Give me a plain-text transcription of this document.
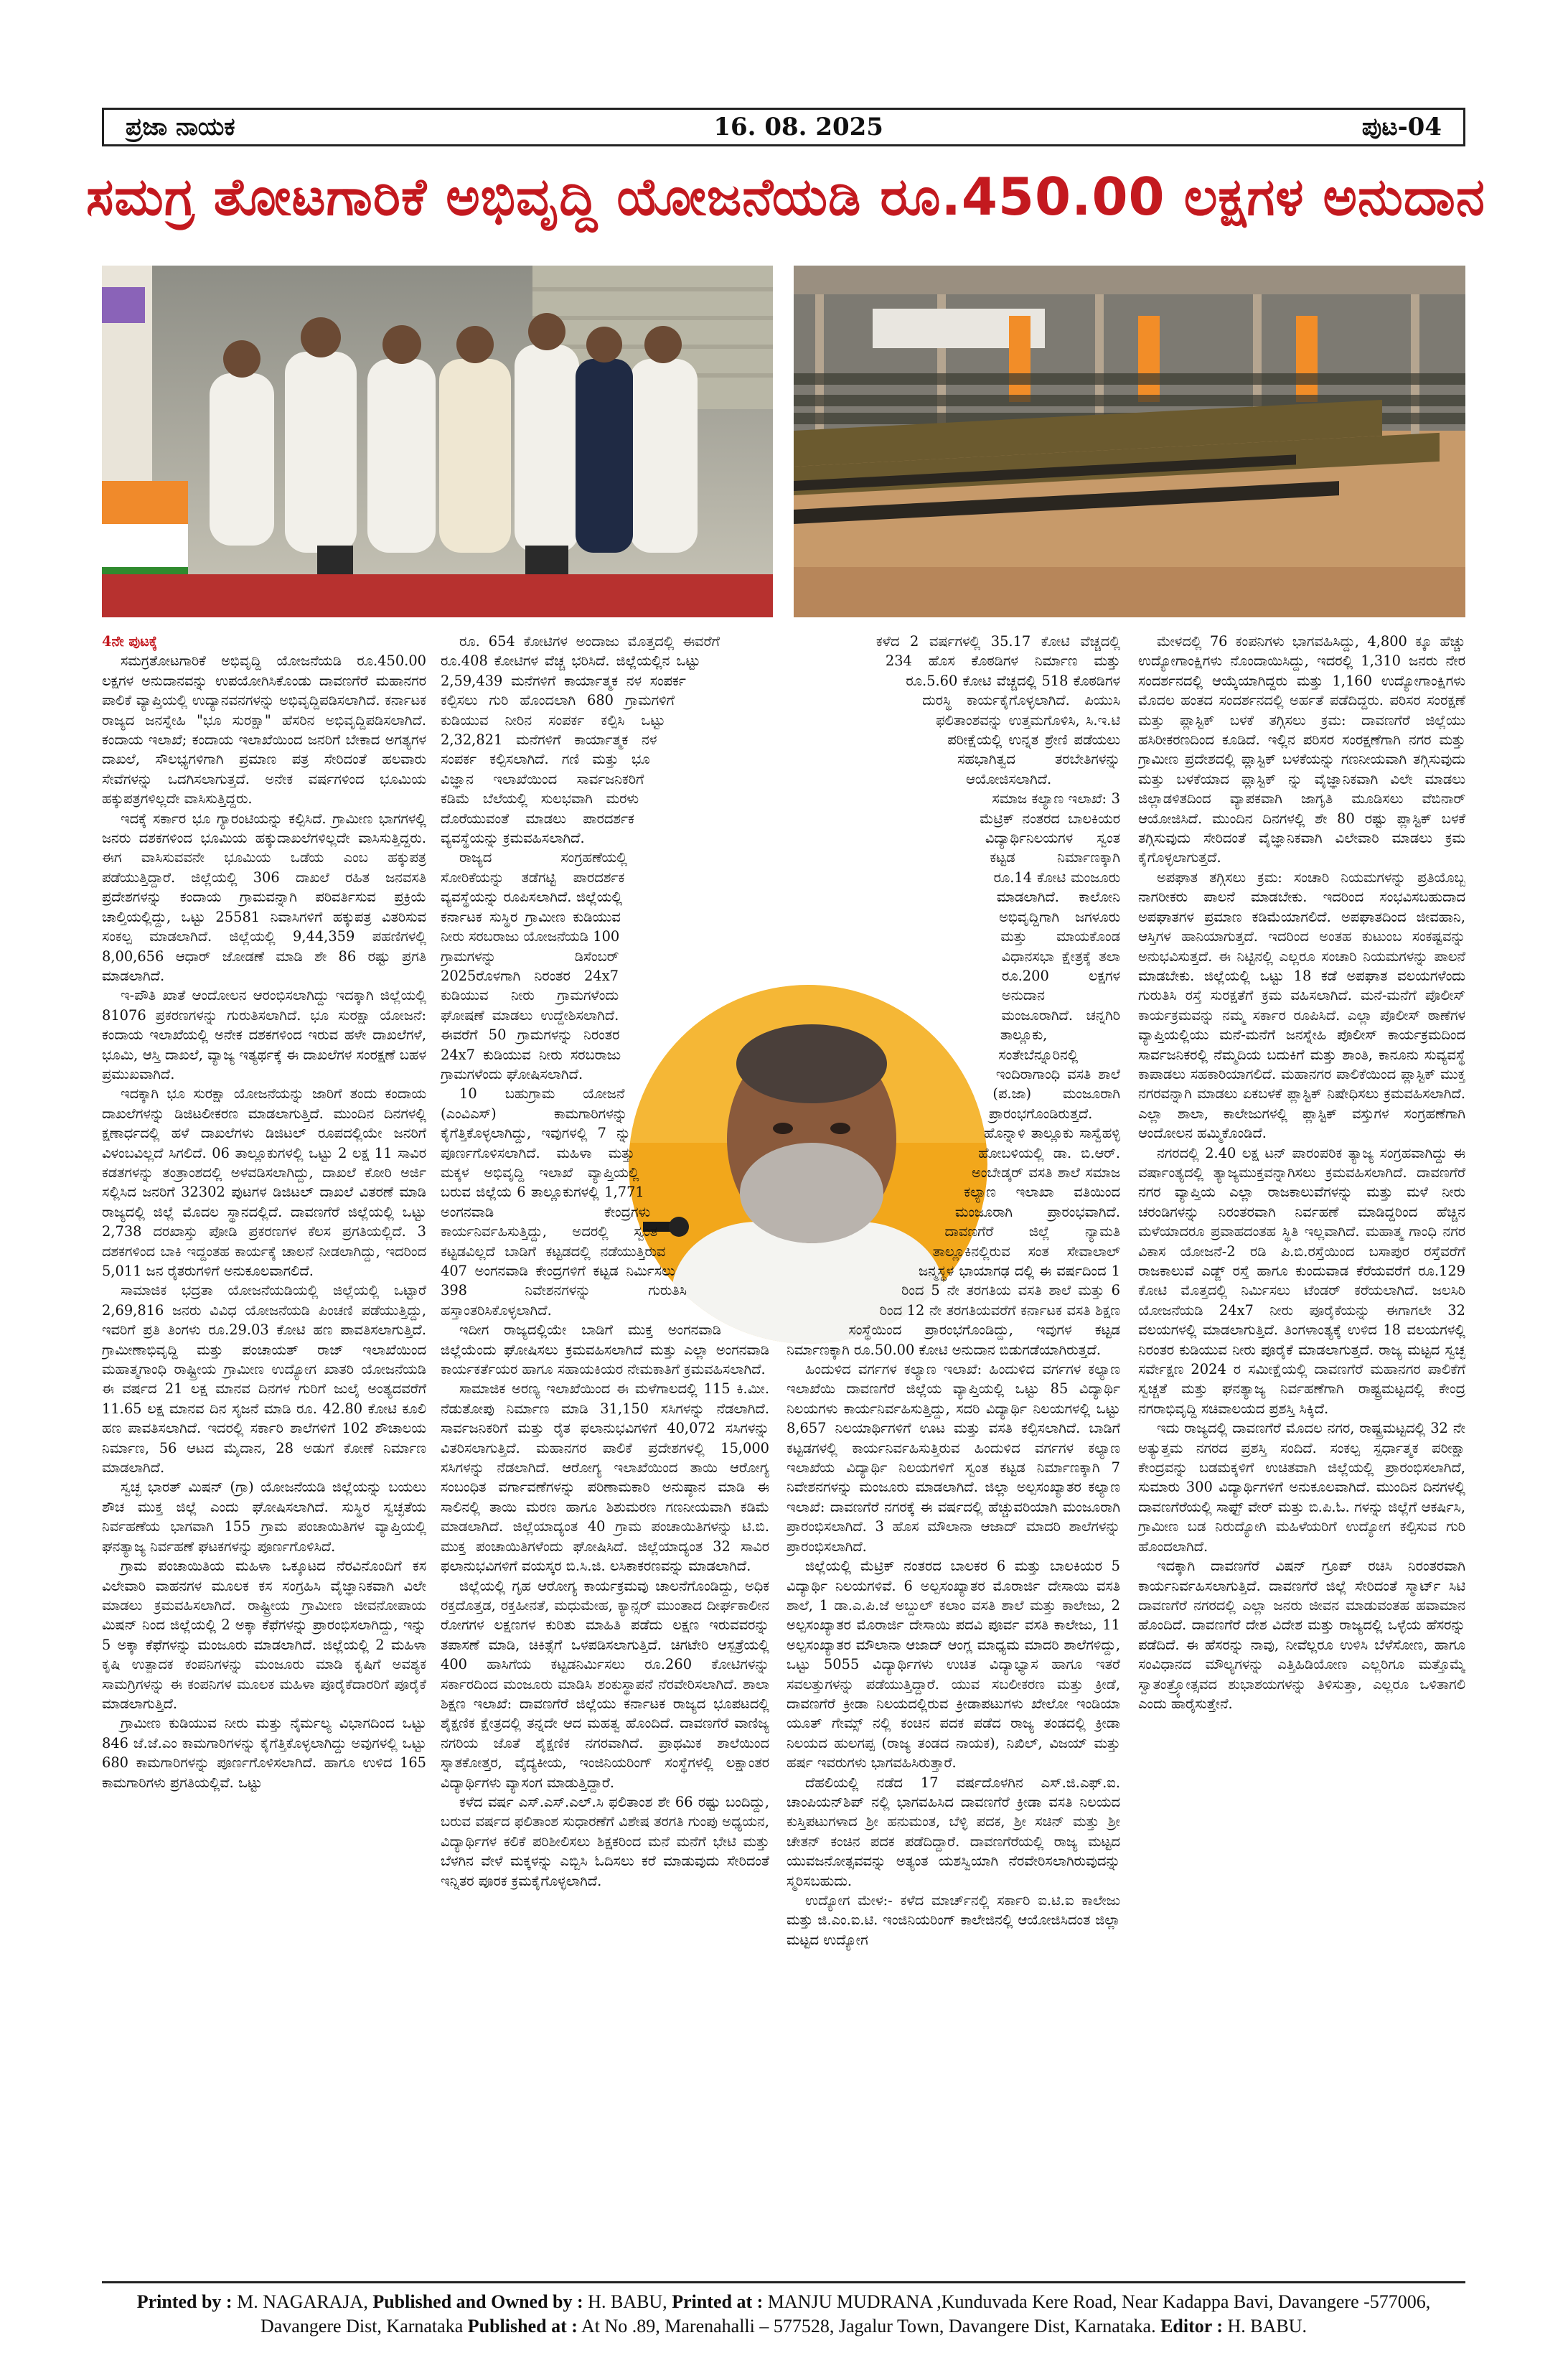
ಪ್ರಜಾ ನಾಯಕ	16. 08. 2025	ಪುಟ-04
ಸಮಗ್ರ ತೋಟಗಾರಿಕೆ ಅಭಿವೃದ್ದಿ ಯೋಜನೆಯಡಿ ರೂ.450.00 ಲಕ್ಷಗಳ ಅನುದಾನ

4ನೇ ಪುಟಕ್ಕೆ

ಸಮಗ್ರತೋಟಗಾರಿಕೆ ಅಭಿವೃದ್ದಿ ಯೋಜನೆಯಡಿ ರೂ.450.00 ಲಕ್ಷಗಳ ಅನುದಾನವನ್ನು ಉಪಯೋಗಿಸಿಕೊಂಡು ದಾವಣಗೆರೆ ಮಹಾನಗರ ಪಾಲಿಕೆ ವ್ಯಾಪ್ತಿಯಲ್ಲಿ ಉದ್ಯಾನವನಗಳನ್ನು ಅಭಿವೃದ್ದಿಪಡಿಸಲಾಗಿದೆ. ಕರ್ನಾಟಕ ರಾಜ್ಯದ ಜನಸ್ನೇಹಿ "ಭೂ ಸುರಕ್ಷಾ" ಹೆಸರಿನ ಅಭಿವೃದ್ದಿಪಡಿಸಲಾಗಿದೆ. ಕಂದಾಯ ಇಲಾಖೆ; ಕಂದಾಯ ಇಲಾಖೆಯಿಂದ ಜನರಿಗೆ ಬೇಕಾದ ಅಗತ್ಯಗಳ ದಾಖಲೆ, ಸೌಲಭ್ಯಗಳಿಗಾಗಿ ಪ್ರಮಾಣ ಪತ್ರ ಸೇರಿದಂತೆ ಹಲವಾರು ಸೇವೆಗಳನ್ನು ಒದಗಿಸಲಾಗುತ್ತದೆ. ಅನೇಕ ವರ್ಷಗಳಿಂದ ಭೂಮಿಯ ಹಕ್ಕುಪತ್ರಗಳಿಲ್ಲದೇ ವಾಸಿಸುತ್ತಿದ್ದರು.

ಇದಕ್ಕೆ ಸರ್ಕಾರ ಭೂ ಗ್ಯಾರಂಟಿಯನ್ನು ಕಲ್ಪಿಸಿದೆ. ಗ್ರಾಮೀಣ ಭಾಗಗಳಲ್ಲಿ ಜನರು ದಶಕಗಳಿಂದ ಭೂಮಿಯ ಹಕ್ಕುದಾಖಲೆಗಳಿಲ್ಲದೇ ವಾಸಿಸುತ್ತಿದ್ದರು. ಈಗ ವಾಸಿಸುವವನೇ ಭೂಮಿಯ ಒಡೆಯ ಎಂಬ ಹಕ್ಕುಪತ್ರ ಪಡೆಯುತ್ತಿದ್ದಾರೆ. ಜಿಲ್ಲೆಯಲ್ಲಿ 306 ದಾಖಲೆ ರಹಿತ ಜನವಸತಿ ಪ್ರದೇಶಗಳನ್ನು ಕಂದಾಯ ಗ್ರಾಮವನ್ನಾಗಿ ಪರಿವರ್ತಿಸುವ ಪ್ರಕ್ರಿಯೆ ಚಾಲ್ತಿಯಲ್ಲಿದ್ದು, ಒಟ್ಟು 25581 ನಿವಾಸಿಗಳಿಗೆ ಹಕ್ಕುಪತ್ರ ವಿತರಿಸುವ ಸಂಕಲ್ಪ ಮಾಡಲಾಗಿದೆ. ಜಿಲ್ಲೆಯಲ್ಲಿ 9,44,359 ಪಹಣಿಗಳಲ್ಲಿ 8,00,656 ಆಧಾರ್ ಜೋಡಣೆ ಮಾಡಿ ಶೇ 86 ರಷ್ಟು ಪ್ರಗತಿ ಮಾಡಲಾಗಿದೆ.

ಇ-ಪೌತಿ ಖಾತೆ ಆಂದೋಲನ ಆರಂಭಿಸಲಾಗಿದ್ದು ಇದಕ್ಕಾಗಿ ಜಿಲ್ಲೆಯಲ್ಲಿ 81076 ಪ್ರಕರಣಗಳನ್ನು ಗುರುತಿಸಲಾಗಿದೆ. ಭೂ ಸುರಕ್ಷಾ ಯೋಜನೆ: ಕಂದಾಯ ಇಲಾಖೆಯಲ್ಲಿ ಅನೇಕ ದಶಕಗಳಿಂದ ಇರುವ ಹಳೇ ದಾಖಲೆಗಳೆ, ಭೂಮಿ, ಆಸ್ತಿ ದಾಖಲೆ, ವ್ಯಾಜ್ಯ ಇತ್ಯರ್ಥಕ್ಕೆ ಈ ದಾಖಲೆಗಳ ಸಂರಕ್ಷಣೆ ಬಹಳ ಪ್ರಮುಖವಾಗಿದೆ.

ಇದಕ್ಕಾಗಿ ಭೂ ಸುರಕ್ಷಾ ಯೋಜನೆಯನ್ನು ಜಾರಿಗೆ ತಂದು ಕಂದಾಯ ದಾಖಲೆಗಳನ್ನು ಡಿಜಿಟಲೀಕರಣ ಮಾಡಲಾಗುತ್ತಿದೆ. ಮುಂದಿನ ದಿನಗಳಲ್ಲಿ ಕ್ಷಣಾರ್ಧದಲ್ಲಿ ಹಳೆ ದಾಖಲೆಗಳು ಡಿಜಿಟಲ್ ರೂಪದಲ್ಲಿಯೇ ಜನರಿಗೆ ವಿಳಂಬವಿಲ್ಲದೆ ಸಿಗಲಿದೆ. 06 ತಾಲ್ಲೂಕುಗಳಲ್ಲಿ ಒಟ್ಟು 2 ಲಕ್ಷ 11 ಸಾವಿರ ಕಡತಗಳನ್ನು ತಂತ್ರಾಂಶದಲ್ಲಿ ಅಳವಡಿಸಲಾಗಿದ್ದು, ದಾಖಲೆ ಕೋರಿ ಅರ್ಜಿ ಸಲ್ಲಿಸಿದ ಜನರಿಗೆ 32302 ಪುಟಗಳ ಡಿಜಿಟಲ್ ದಾಖಲೆ ವಿತರಣೆ ಮಾಡಿ ರಾಜ್ಯದಲ್ಲಿ ಜಿಲ್ಲೆ ಮೊದಲ ಸ್ಥಾನದಲ್ಲಿದೆ. ದಾವಣಗೆರೆ ಜಿಲ್ಲೆಯಲ್ಲಿ ಒಟ್ಟು 2,738 ದರಖಾಸ್ತು ಪೋಡಿ ಪ್ರಕರಣಗಳ ಕೆಲಸ ಪ್ರಗತಿಯಲ್ಲಿದೆ. 3 ದಶಕಗಳಿಂದ ಬಾಕಿ ಇದ್ದಂತಹ ಕಾರ್ಯಕ್ಕೆ ಚಾಲನೆ ನೀಡಲಾಗಿದ್ದು, ಇದರಿಂದ 5,011 ಜನ ರೈತರುಗಳಿಗೆ ಅನುಕೂಲವಾಗಲಿದೆ.

ಸಾಮಾಜಿಕ ಭದ್ರತಾ ಯೋಜನೆಯಡಿಯಲ್ಲಿ ಜಿಲ್ಲೆಯಲ್ಲಿ ಒಟ್ಟಾರೆ 2,69,816 ಜನರು ವಿವಿಧ ಯೋಜನೆಯಡಿ ಪಿಂಚಣಿ ಪಡೆಯುತ್ತಿದ್ದು, ಇವರಿಗೆ ಪ್ರತಿ ತಿಂಗಳು ರೂ.29.03 ಕೋಟಿ ಹಣ ಪಾವತಿಸಲಾಗುತ್ತಿದೆ. ಗ್ರಾಮೀಣಾಭಿವೃದ್ದಿ ಮತ್ತು ಪಂಚಾಯತ್ ರಾಜ್ ಇಲಾಖೆಯಿಂದ ಮಹಾತ್ಮಗಾಂಧಿ ರಾಷ್ಟ್ರೀಯ ಗ್ರಾಮೀಣ ಉದ್ಯೋಗ ಖಾತರಿ ಯೋಜನೆಯಡಿ ಈ ವರ್ಷದ 21 ಲಕ್ಷ ಮಾನವ ದಿನಗಳ ಗುರಿಗೆ ಜುಲೈ ಅಂತ್ಯದವರೆಗೆ 11.65 ಲಕ್ಷ ಮಾನವ ದಿನ ಸೃಜನೆ ಮಾಡಿ ರೂ. 42.80 ಕೋಟಿ ಕೂಲಿ ಹಣ ಪಾವತಿಸಲಾಗಿದೆ. ಇದರಲ್ಲಿ ಸರ್ಕಾರಿ ಶಾಲೆಗಳಿಗೆ 102 ಶೌಚಾಲಯ ನಿರ್ಮಾಣ, 56 ಆಟದ ಮೈದಾನ, 28 ಅಡುಗೆ ಕೋಣೆ ನಿರ್ಮಾಣ ಮಾಡಲಾಗಿದೆ.

ಸ್ವಚ್ಛ ಭಾರತ್ ಮಿಷನ್ (ಗ್ರಾ) ಯೋಜನೆಯಡಿ ಜಿಲ್ಲೆಯನ್ನು ಬಯಲು ಶೌಚ ಮುಕ್ತ ಜಿಲ್ಲೆ ಎಂದು ಘೋಷಿಸಲಾಗಿದೆ. ಸುಸ್ಥಿರ ಸ್ವಚ್ಛತೆಯ ನಿರ್ವಹಣೆಯ ಭಾಗವಾಗಿ 155 ಗ್ರಾಮ ಪಂಚಾಯಿತಿಗಳ ವ್ಯಾಪ್ತಿಯಲ್ಲಿ ಘನತ್ಯಾಜ್ಯ ನಿರ್ವಹಣೆ ಘಟಕಗಳನ್ನು ಪೂರ್ಣಗೊಳಿಸಿದೆ.

ಗ್ರಾಮ ಪಂಚಾಯಿತಿಯ ಮಹಿಳಾ ಒಕ್ಕೂಟದ ನೆರವಿನೊಂದಿಗೆ ಕಸ ವಿಲೇವಾರಿ ವಾಹನಗಳ ಮೂಲಕ ಕಸ ಸಂಗ್ರಹಿಸಿ ವೈಜ್ಞಾನಿಕವಾಗಿ ವಿಲೇ ಮಾಡಲು ಕ್ರಮವಹಿಸಲಾಗಿದೆ. ರಾಷ್ಟ್ರೀಯ ಗ್ರಾಮೀಣ ಜೀವನೋಪಾಯ ಮಿಷನ್ ನಿಂದ ಜಿಲ್ಲೆಯಲ್ಲಿ 2 ಅಕ್ಕಾ ಕೆಫೆಗಳನ್ನು ಪ್ರಾರಂಭಿಸಲಾಗಿದ್ದು, ಇನ್ನು 5 ಅಕ್ಕಾ ಕೆಫೆಗಳನ್ನು ಮಂಜೂರು ಮಾಡಲಾಗಿದೆ. ಜಿಲ್ಲೆಯಲ್ಲಿ 2 ಮಹಿಳಾ ಕೃಷಿ ಉತ್ಪಾದಕ ಕಂಪನಿಗಳನ್ನು ಮಂಜೂರು ಮಾಡಿ ಕೃಷಿಗೆ ಅವಶ್ಯಕ ಸಾಮಗ್ರಿಗಳನ್ನು ಈ ಕಂಪನಿಗಳ ಮೂಲಕ ಮಹಿಳಾ ಪೂರೈಕೆದಾರರಿಗೆ ಪೂರೈಕೆ ಮಾಡಲಾಗುತ್ತಿದೆ.

ಗ್ರಾಮೀಣ ಕುಡಿಯುವ ನೀರು ಮತ್ತು ನೈರ್ಮಲ್ಯ ವಿಭಾಗದಿಂದ ಒಟ್ಟು 846 ಜೆ.ಜೆ.ಎಂ ಕಾಮಗಾರಿಗಳನ್ನು ಕೈಗೆತ್ತಿಕೊಳ್ಳಲಾಗಿದ್ದು ಅವುಗಳಲ್ಲಿ ಒಟ್ಟು 680 ಕಾಮಗಾರಿಗಳನ್ನು ಪೂರ್ಣಗೊಳಿಸಲಾಗಿದೆ. ಹಾಗೂ ಉಳಿದ 165 ಕಾಮಗಾರಿಗಳು ಪ್ರಗತಿಯಲ್ಲಿವೆ. ಒಟ್ಟು

ರೂ. 654 ಕೋಟಿಗಳ ಅಂದಾಜು ಮೊತ್ತದಲ್ಲಿ ಈವರೆಗೆ ರೂ.408 ಕೋಟಿಗಳ ವೆಚ್ಚ ಭರಿಸಿದೆ. ಜಿಲ್ಲೆಯಲ್ಲಿನ ಒಟ್ಟು 2,59,439 ಮನೆಗಳಿಗೆ ಕಾರ್ಯಾತ್ಮಕ ನಳ ಸಂಪರ್ಕ ಕಲ್ಪಿಸಲು ಗುರಿ ಹೊಂದಲಾಗಿ 680 ಗ್ರಾಮಗಳಿಗೆ ಕುಡಿಯುವ ನೀರಿನ ಸಂಪರ್ಕ ಕಲ್ಪಿಸಿ ಒಟ್ಟು 2,32,821 ಮನೆಗಳಿಗೆ ಕಾರ್ಯಾತ್ಮಕ ನಳ ಸಂಪರ್ಕ ಕಲ್ಪಿಸಲಾಗಿದೆ. ಗಣಿ ಮತ್ತು ಭೂ ವಿಜ್ಞಾನ ಇಲಾಖೆಯಿಂದ ಸಾರ್ವಜನಿಕರಿಗೆ ಕಡಿಮೆ ಬೆಲೆಯಲ್ಲಿ ಸುಲಭವಾಗಿ ಮರಳು ದೊರೆಯುವಂತೆ ಮಾಡಲು ಪಾರದರ್ಶಕ ವ್ಯವಸ್ಥೆಯನ್ನು ಕ್ರಮವಹಿಸಲಾಗಿದೆ.

ರಾಜ್ಯದ ಸಂಗ್ರಹಣೆಯಲ್ಲಿ ಸೋರಿಕೆಯನ್ನು ತಡೆಗಟ್ಟಿ ಪಾರದರ್ಶಕ ವ್ಯವಸ್ಥೆಯನ್ನು ರೂಪಿಸಲಾಗಿದೆ. ಜಿಲ್ಲೆಯಲ್ಲಿ ಕರ್ನಾಟಕ ಸುಸ್ಥಿರ ಗ್ರಾಮೀಣ ಕುಡಿಯುವ ನೀರು ಸರಬರಾಜು ಯೋಜನೆಯಡಿ 100 ಗ್ರಾಮಗಳನ್ನು ಡಿಸೆಂಬರ್ 2025ರೊಳಗಾಗಿ ನಿರಂತರ 24x7 ಕುಡಿಯುವ ನೀರು ಗ್ರಾಮಗಳೆಂದು ಘೋಷಣೆ ಮಾಡಲು ಉದ್ದೇಶಿಸಲಾಗಿದೆ. ಈವರೆಗೆ 50 ಗ್ರಾಮಗಳನ್ನು ನಿರಂತರ 24x7 ಕುಡಿಯುವ ನೀರು ಸರಬರಾಜು ಗ್ರಾಮಗಳೆಂದು ಘೋಷಿಸಲಾಗಿದೆ.

10 ಬಹುಗ್ರಾಮ ಯೋಜನೆ (ಎಂವಿಎಸ್) ಕಾಮಗಾರಿಗಳನ್ನು ಕೈಗೆತ್ತಿಕೊಳ್ಳಲಾಗಿದ್ದು, ಇವುಗಳಲ್ಲಿ 7 ನ್ನು ಪೂರ್ಣಗೊಳಿಸಲಾಗಿದೆ. ಮಹಿಳಾ ಮತ್ತು ಮಕ್ಕಳ ಅಭಿವೃದ್ದಿ ಇಲಾಖೆ ವ್ಯಾಪ್ತಿಯಲ್ಲಿ ಬರುವ ಜಿಲ್ಲೆಯ 6 ತಾಲ್ಲೂಕುಗಳಲ್ಲಿ 1,771 ಅಂಗನವಾಡಿ ಕೇಂದ್ರಗಳು ಕಾರ್ಯನಿರ್ವಹಿಸುತ್ತಿದ್ದು, ಅದರಲ್ಲಿ ಸ್ವಂತ ಕಟ್ಟಡವಿಲ್ಲದೆ ಬಾಡಿಗೆ ಕಟ್ಟಡದಲ್ಲಿ ನಡೆಯುತ್ತಿರುವ 407 ಅಂಗನವಾಡಿ ಕೇಂದ್ರಗಳಿಗೆ ಕಟ್ಟಡ ನಿರ್ಮಿಸಲು 398 ನಿವೇಶನಗಳನ್ನು ಗುರುತಿಸಿ ಹಸ್ತಾಂತರಿಸಿಕೊಳ್ಳಲಾಗಿದೆ.

ಇದೀಗ ರಾಜ್ಯದಲ್ಲಿಯೇ ಬಾಡಿಗೆ ಮುಕ್ತ ಅಂಗನವಾಡಿ ಜಿಲ್ಲೆಯೆಂದು ಘೋಷಿಸಲು ಕ್ರಮವಹಿಸಲಾಗಿದೆ ಮತ್ತು ಎಲ್ಲಾ ಅಂಗನವಾಡಿ ಕಾರ್ಯಕರ್ತೆಯರ ಹಾಗೂ ಸಹಾಯಕಿಯರ ನೇಮಕಾತಿಗೆ ಕ್ರಮವಹಿಸಲಾಗಿದೆ.

ಸಾಮಾಜಿಕ ಅರಣ್ಯ ಇಲಾಖೆಯಿಂದ ಈ ಮಳೆಗಾಲದಲ್ಲಿ 115 ಕಿ.ಮೀ. ನೆಡುತೋಪು ನಿರ್ಮಾಣ ಮಾಡಿ 31,150 ಸಸಿಗಳನ್ನು ನೆಡಲಾಗಿದೆ. ಸಾರ್ವಜನಿಕರಿಗೆ ಮತ್ತು ರೈತ ಫಲಾನುಭವಿಗಳಿಗೆ 40,072 ಸಸಿಗಳನ್ನು ವಿತರಿಸಲಾಗುತ್ತಿದೆ. ಮಹಾನಗರ ಪಾಲಿಕೆ ಪ್ರದೇಶಗಳಲ್ಲಿ 15,000 ಸಸಿಗಳನ್ನು ನೆಡಲಾಗಿದೆ. ಆರೋಗ್ಯ ಇಲಾಖೆಯಿಂದ ತಾಯಿ ಆರೋಗ್ಯ ಸಂಬಂಧಿತ ವರ್ಗಾವಣೆಗಳನ್ನು ಪರಿಣಾಮಕಾರಿ ಅನುಷ್ಠಾನ ಮಾಡಿ ಈ ಸಾಲಿನಲ್ಲಿ ತಾಯಿ ಮರಣ ಹಾಗೂ ಶಿಶುಮರಣ ಗಣನೀಯವಾಗಿ ಕಡಿಮೆ ಮಾಡಲಾಗಿದೆ. ಜಿಲ್ಲೆಯಾದ್ಯಂತ 40 ಗ್ರಾಮ ಪಂಚಾಯಿತಿಗಳನ್ನು ಟಿ.ಬಿ. ಮುಕ್ತ ಪಂಚಾಯಿತಿಗಳೆಂದು ಘೋಷಿಸಿದೆ. ಜಿಲ್ಲೆಯಾದ್ಯಂತ 32 ಸಾವಿರ ಫಲಾನುಭವಿಗಳಿಗೆ ವಯಸ್ಕರ ಬಿ.ಸಿ.ಜಿ. ಲಸಿಕಾಕರಣವನ್ನು ಮಾಡಲಾಗಿದೆ.

ಜಿಲ್ಲೆಯಲ್ಲಿ ಗೃಹ ಆರೋಗ್ಯ ಕಾರ್ಯಕ್ರಮವು ಚಾಲನೆಗೊಂಡಿದ್ದು, ಅಧಿಕ ರಕ್ತದೊತ್ತಡ, ರಕ್ತಹೀನತೆ, ಮಧುಮೇಹ, ಕ್ಯಾನ್ಸರ್ ಮುಂತಾದ ದೀರ್ಘಕಾಲೀನ ರೋಗಗಳ ಲಕ್ಷಣಗಳ ಕುರಿತು ಮಾಹಿತಿ ಪಡೆದು ಲಕ್ಷಣ ಇರುವವರನ್ನು ತಪಾಸಣೆ ಮಾಡಿ, ಚಿಕಿತ್ಸೆಗೆ ಒಳಪಡಿಸಲಾಗುತ್ತಿದೆ. ಚಿಗಟೇರಿ ಆಸ್ಪತ್ರೆಯಲ್ಲಿ 400 ಹಾಸಿಗೆಯ ಕಟ್ಟಡನಿರ್ಮಿಸಲು ರೂ.260 ಕೋಟಿಗಳನ್ನು ಸರ್ಕಾರದಿಂದ ಮಂಜೂರು ಮಾಡಿಸಿ ಶಂಕುಸ್ಥಾಪನೆ ನೆರವೇರಿಸಲಾಗಿದೆ. ಶಾಲಾ ಶಿಕ್ಷಣ ಇಲಾಖೆ: ದಾವಣಗೆರೆ ಜಿಲ್ಲೆಯು ಕರ್ನಾಟಕ ರಾಜ್ಯದ ಭೂಪಟದಲ್ಲಿ ಶೈಕ್ಷಣಿಕ ಕ್ಷೇತ್ರದಲ್ಲಿ ತನ್ನದೇ ಆದ ಮಹತ್ವ ಹೊಂದಿದೆ. ದಾವಣಗೆರೆ ವಾಣಿಜ್ಯ ನಗರಿಯ ಜೊತೆ ಶೈಕ್ಷಣಿಕ ನಗರವಾಗಿದೆ. ಪ್ರಾಥಮಿಕ ಶಾಲೆಯಿಂದ ಸ್ನಾತಕೋತ್ತರ, ವೈದ್ಯಕೀಯ, ಇಂಜಿನಿಯರಿಂಗ್ ಸಂಸ್ಥೆಗಳಲ್ಲಿ ಲಕ್ಷಾಂತರ ವಿದ್ಯಾರ್ಥಿಗಳು ವ್ಯಾಸಂಗ ಮಾಡುತ್ತಿದ್ದಾರೆ.

ಕಳೆದ ವರ್ಷ ಎಸ್.ಎಸ್.ಎಲ್.ಸಿ ಫಲಿತಾಂಶ ಶೇ 66 ರಷ್ಟು ಬಂದಿದ್ದು, ಬರುವ ವರ್ಷದ ಫಲಿತಾಂಶ ಸುಧಾರಣೆಗೆ ವಿಶೇಷ ತರಗತಿ ಗುಂಪು ಅಧ್ಯಯನ, ವಿದ್ಯಾರ್ಥಿಗಳ ಕಲಿಕೆ ಪರಿಶೀಲಿಸಲು ಶಿಕ್ಷಕರಿಂದ ಮನೆ ಮನೆಗೆ ಭೇಟಿ ಮತ್ತು ಬೆಳಗಿನ ವೇಳೆ ಮಕ್ಕಳನ್ನು ಎಬ್ಬಿಸಿ ಓದಿಸಲು ಕರೆ ಮಾಡುವುದು ಸೇರಿದಂತೆ ಇನ್ನಿತರ ಪೂರಕ ಕ್ರಮಕೈಗೊಳ್ಳಲಾಗಿದೆ.

ಕಳೆದ 2 ವರ್ಷಗಳಲ್ಲಿ 35.17 ಕೋಟಿ ವೆಚ್ಚದಲ್ಲಿ 234 ಹೊಸ ಕೊಠಡಿಗಳ ನಿರ್ಮಾಣ ಮತ್ತು ರೂ.5.60 ಕೋಟಿ ವೆಚ್ಚದಲ್ಲಿ 518 ಕೊಠಡಿಗಳ ದುರಸ್ಥಿ ಕಾರ್ಯಕೈಗೊಳ್ಳಲಾಗಿದೆ. ಪಿಯುಸಿ ಫಲಿತಾಂಶವನ್ನು ಉತ್ತಮಗೊಳಿಸಿ, ಸಿ.ಇ.ಟಿ ಪರೀಕ್ಷೆಯಲ್ಲಿ ಉನ್ನತ ಶ್ರೇಣಿ ಪಡೆಯಲು ಸಹಭಾಗಿತ್ವದ ತರಬೇತಿಗಳನ್ನು ಆಯೋಜಿಸಲಾಗಿದೆ.

ಸಮಾಜ ಕಲ್ಯಾಣ ಇಲಾಖೆ: 3 ಮೆಟ್ರಿಕ್ ನಂತರದ ಬಾಲಕಿಯರ ವಿದ್ಯಾರ್ಥಿನಿಲಯಗಳ ಸ್ವಂತ ಕಟ್ಟಡ ನಿರ್ಮಾಣಕ್ಕಾಗಿ ರೂ.14 ಕೋಟಿ ಮಂಜೂರು ಮಾಡಲಾಗಿದೆ. ಕಾಲೋನಿ ಅಭಿವೃದ್ದಿಗಾಗಿ ಜಗಳೂರು ಮತ್ತು ಮಾಯಕೊಂಡ ವಿಧಾನಸಭಾ ಕ್ಷೇತ್ರಕ್ಕೆ ತಲಾ ರೂ.200 ಲಕ್ಷಗಳ ಅನುದಾನ ಮಂಜೂರಾಗಿದೆ. ಚನ್ನಗಿರಿ ತಾಲ್ಲೂಕು, ಸಂತೇಬೆನ್ನೂರಿನಲ್ಲಿ ಇಂದಿರಾಗಾಂಧಿ ವಸತಿ ಶಾಲೆ (ಪ.ಜಾ) ಮಂಜೂರಾಗಿ ಪ್ರಾರಂಭಗೊಂಡಿರುತ್ತದೆ. ಹೊನ್ನಾಳಿ ತಾಲ್ಲೂಕು ಸಾಸ್ವೆಹಳ್ಳಿ ಹೋಬಳಿಯಲ್ಲಿ ಡಾ. ಬಿ.ಆರ್. ಅಂಬೇಡ್ಕರ್ ವಸತಿ ಶಾಲೆ ಸಮಾಜ ಕಲ್ಯಾಣ ಇಲಾಖಾ ವತಿಯಿಂದ ಮಂಜೂರಾಗಿ ಪ್ರಾರಂಭವಾಗಿದೆ. ದಾವಣಗೆರೆ ಜಿಲ್ಲೆ ನ್ಯಾಮತಿ ತಾಲ್ಲೂಕಿನಲ್ಲಿರುವ ಸಂತ ಸೇವಾಲಾಲ್ ಜನ್ಮಸ್ಥಳ ಭಾಯಾಗಢ ದಲ್ಲಿ ಈ ವರ್ಷದಿಂದ 1 ರಿಂದ 5 ನೇ ತರಗತಿಯ ವಸತಿ ಶಾಲೆ ಮತ್ತು 6 ರಿಂದ 12 ನೇ ತರಗತಿಯವರೆಗೆ ಕರ್ನಾಟಕ ವಸತಿ ಶಿಕ್ಷಣ ಸಂಸ್ಥೆಯಿಂದ ಪ್ರಾರಂಭಗೊಂಡಿದ್ದು, ಇವುಗಳ ಕಟ್ಟಡ ನಿರ್ಮಾಣಕ್ಕಾಗಿ ರೂ.50.00 ಕೋಟಿ ಅನುದಾನ ಬಿಡುಗಡೆಯಾಗಿರುತ್ತದೆ.

ಹಿಂದುಳಿದ ವರ್ಗಗಳ ಕಲ್ಯಾಣ ಇಲಾಖೆ: ಹಿಂದುಳಿದ ವರ್ಗಗಳ ಕಲ್ಯಾಣ ಇಲಾಖೆಯಿ ದಾವಣಗೆರೆ ಜಿಲ್ಲೆಯ ವ್ಯಾಪ್ತಿಯಲ್ಲಿ ಒಟ್ಟು 85 ವಿದ್ಯಾರ್ಥಿ ನಿಲಯಗಳು ಕಾರ್ಯನಿರ್ವಹಿಸುತ್ತಿದ್ದು, ಸದರಿ ವಿದ್ಯಾರ್ಥಿ ನಿಲಯಗಳಲ್ಲಿ ಒಟ್ಟು 8,657 ನಿಲಯಾರ್ಥಿಗಳಿಗೆ ಊಟ ಮತ್ತು ವಸತಿ ಕಲ್ಪಿಸಲಾಗಿದೆ. ಬಾಡಿಗೆ ಕಟ್ಟಡಗಳಲ್ಲಿ ಕಾರ್ಯನಿರ್ವಹಿಸುತ್ತಿರುವ ಹಿಂದುಳಿದ ವರ್ಗಗಳ ಕಲ್ಯಾಣ ಇಲಾಖೆಯ ವಿದ್ಯಾರ್ಥಿ ನಿಲಯಗಳಿಗೆ ಸ್ವಂತ ಕಟ್ಟಡ ನಿರ್ಮಾಣಕ್ಕಾಗಿ 7 ನಿವೇಶನಗಳನ್ನು ಮಂಜೂರು ಮಾಡಲಾಗಿದೆ. ಜಿಲ್ಲಾ ಅಲ್ಪಸಂಖ್ಯಾತರ ಕಲ್ಯಾಣ ಇಲಾಖೆ: ದಾವಣಗೆರೆ ನಗರಕ್ಕೆ ಈ ವರ್ಷದಲ್ಲಿ ಹೆಚ್ಚುವರಿಯಾಗಿ ಮಂಜೂರಾಗಿ ಪ್ರಾರಂಭಿಸಲಾಗಿದೆ. 3 ಹೊಸ ಮೌಲಾನಾ ಆಜಾದ್ ಮಾದರಿ ಶಾಲೆಗಳನ್ನು ಪ್ರಾರಂಭಿಸಲಾಗಿದೆ.

ಜಿಲ್ಲೆಯಲ್ಲಿ ಮೆಟ್ರಿಕ್ ನಂತರದ ಬಾಲಕರ 6 ಮತ್ತು ಬಾಲಕಿಯರ 5 ವಿದ್ಯಾರ್ಥಿ ನಿಲಯಗಳಿವೆ. 6 ಅಲ್ಪಸಂಖ್ಯಾತರ ಮೊರಾರ್ಜಿ ದೇಸಾಯಿ ವಸತಿ ಶಾಲೆ, 1 ಡಾ.ಎ.ಪಿ.ಜೆ ಅಬ್ದುಲ್ ಕಲಾಂ ವಸತಿ ಶಾಲೆ ಮತ್ತು ಕಾಲೇಜು, 2 ಅಲ್ಪಸಂಖ್ಯಾತರ ಮೊರಾರ್ಜಿ ದೇಸಾಯಿ ಪದವಿ ಪೂರ್ವ ವಸತಿ ಕಾಲೇಜು, 11 ಅಲ್ಪಸಂಖ್ಯಾತರ ಮೌಲಾನಾ ಆಜಾದ್ ಆಂಗ್ಲ ಮಾಧ್ಯಮ ಮಾದರಿ ಶಾಲೆಗಳಿದ್ದು, ಒಟ್ಟು 5055 ವಿದ್ಯಾರ್ಥಿಗಳು ಉಚಿತ ವಿದ್ಯಾಭ್ಯಾಸ ಹಾಗೂ ಇತರೆ ಸವಲತ್ತುಗಳನ್ನು ಪಡೆಯುತ್ತಿದ್ದಾರೆ. ಯುವ ಸಬಲೀಕರಣ ಮತ್ತು ಕ್ರೀಡೆ, ದಾವಣಗೆರೆ ಕ್ರೀಡಾ ನಿಲಯದಲ್ಲಿರುವ ಕ್ರೀಡಾಪಟುಗಳು ಖೇಲೋ ಇಂಡಿಯಾ ಯೂತ್ ಗೇಮ್ಸ್ ನಲ್ಲಿ ಕಂಚಿನ ಪದಕ ಪಡೆದ ರಾಜ್ಯ ತಂಡದಲ್ಲಿ ಕ್ರೀಡಾ ನಿಲಯದ ಹುಲಗಪ್ಪ (ರಾಜ್ಯ ತಂಡದ ನಾಯಕ), ನಿಖಿಲ್, ವಿಜಯ್ ಮತ್ತು ಹರ್ಷ ಇವರುಗಳು ಭಾಗವಹಿಸಿರುತ್ತಾರೆ.

ದೆಹಲಿಯಲ್ಲಿ ನಡೆದ 17 ವರ್ಷದೊಳಗಿನ ಎಸ್.ಜಿ.ಎಫ್.ಐ. ಚಾಂಪಿಯನ್‌ಶಿಪ್ ನಲ್ಲಿ ಭಾಗವಹಿಸಿದ ದಾವಣಗೆರೆ ಕ್ರೀಡಾ ವಸತಿ ನಿಲಯದ ಕುಸ್ತಿಪಟುಗಳಾದ ಶ್ರೀ ಹನುಮಂತ, ಬೆಳ್ಳಿ ಪದಕ, ಶ್ರೀ ಸಚಿನ್ ಮತ್ತು ಶ್ರೀ ಚೇತನ್ ಕಂಚಿನ ಪದಕ ಪಡೆದಿದ್ದಾರೆ. ದಾವಣಗೆರೆಯಲ್ಲಿ ರಾಜ್ಯ ಮಟ್ಟದ ಯುವಜನೋತ್ಸವವನ್ನು ಅತ್ಯಂತ ಯಶಸ್ವಿಯಾಗಿ ನೆರವೇರಿಸಲಾಗಿರುವುದನ್ನು ಸ್ಮರಿಸಬಹುದು.

ಉದ್ಯೋಗ ಮೇಳ:- ಕಳೆದ ಮಾರ್ಚ್‌ನಲ್ಲಿ ಸರ್ಕಾರಿ ಐ.ಟಿ.ಐ ಕಾಲೇಜು ಮತ್ತು ಜಿ.ಎಂ.ಐ.ಟಿ. ಇಂಜಿನಿಯರಿಂಗ್ ಕಾಲೇಜಿನಲ್ಲಿ ಆಯೋಜಿಸಿದಂತ ಜಿಲ್ಲಾ ಮಟ್ಟದ ಉದ್ಯೋಗ

ಮೇಳದಲ್ಲಿ 76 ಕಂಪನಿಗಳು ಭಾಗವಹಿಸಿದ್ದು, 4,800 ಕ್ಕೂ ಹೆಚ್ಚು ಉದ್ಯೋಗಾಂಕ್ಷಿಗಳು ನೊಂದಾಯಿಸಿದ್ದು, ಇದರಲ್ಲಿ 1,310 ಜನರು ನೇರ ಸಂದರ್ಶನದಲ್ಲಿ ಆಯ್ಕೆಯಾಗಿದ್ದರು ಮತ್ತು 1,160 ಉದ್ಯೋಗಾಂಕ್ಷಿಗಳು ಮೊದಲ ಹಂತದ ಸಂದರ್ಶನದಲ್ಲಿ ಅರ್ಹತೆ ಪಡೆದಿದ್ದರು. ಪರಿಸರ ಸಂರಕ್ಷಣೆ ಮತ್ತು ಪ್ಲಾಸ್ಟಿಕ್ ಬಳಕೆ ತಗ್ಗಿಸಲು ಕ್ರಮ: ದಾವಣಗೆರೆ ಜಿಲ್ಲೆಯು ಹಸಿರೀಕರಣದಿಂದ ಕೂಡಿದೆ. ಇಲ್ಲಿನ ಪರಿಸರ ಸಂರಕ್ಷಣೆಗಾಗಿ ನಗರ ಮತ್ತು ಗ್ರಾಮೀಣ ಪ್ರದೇಶದಲ್ಲಿ ಪ್ಲಾಸ್ಟಿಕ್ ಬಳಕೆಯನ್ನು ಗಣನೀಯವಾಗಿ ತಗ್ಗಿಸುವುದು ಮತ್ತು ಬಳಕೆಯಾದ ಪ್ಲಾಸ್ಟಿಕ್ ನ್ನು ವೈಜ್ಞಾನಿಕವಾಗಿ ವಿಲೇ ಮಾಡಲು ಜಿಲ್ಲಾಡಳಿತದಿಂದ ವ್ಯಾಪಕವಾಗಿ ಜಾಗೃತಿ ಮೂಡಿಸಲು ವೆಬಿನಾರ್ ಆಯೋಜಿಸಿದೆ. ಮುಂದಿನ ದಿನಗಳಲ್ಲಿ ಶೇ 80 ರಷ್ಟು ಪ್ಲಾಸ್ಟಿಕ್ ಬಳಕೆ ತಗ್ಗಿಸುವುದು ಸೇರಿದಂತೆ ವೈಜ್ಞಾನಿಕವಾಗಿ ವಿಲೇವಾರಿ ಮಾಡಲು ಕ್ರಮ ಕೈಗೊಳ್ಳಲಾಗುತ್ತದೆ.

ಅಪಘಾತ ತಗ್ಗಿಸಲು ಕ್ರಮ: ಸಂಚಾರಿ ನಿಯಮಗಳನ್ನು ಪ್ರತಿಯೊಬ್ಬ ನಾಗರೀಕರು ಪಾಲನೆ ಮಾಡಬೇಕು. ಇದರಿಂದ ಸಂಭವಿಸಬಹುದಾದ ಅಪಘಾತಗಳ ಪ್ರಮಾಣ ಕಡಿಮೆಯಾಗಲಿದೆ. ಅಪಘಾತದಿಂದ ಜೀವಹಾನಿ, ಆಸ್ತಿಗಳ ಹಾನಿಯಾಗುತ್ತದೆ. ಇದರಿಂದ ಅಂತಹ ಕುಟುಂಬ ಸಂಕಷ್ಟವನ್ನು ಅನುಭವಿಸುತ್ತದೆ. ಈ ನಿಟ್ಟಿನಲ್ಲಿ ಎಲ್ಲರೂ ಸಂಚಾರಿ ನಿಯಮಗಳನ್ನು ಪಾಲನೆ ಮಾಡಬೇಕು. ಜಿಲ್ಲೆಯಲ್ಲಿ ಒಟ್ಟು 18 ಕಡೆ ಅಪಘಾತ ವಲಯಗಳೆಂದು ಗುರುತಿಸಿ ರಸ್ತೆ ಸುರಕ್ಷತೆಗೆ ಕ್ರಮ ವಹಿಸಲಾಗಿದೆ. ಮನೆ-ಮನೆಗೆ ಪೊಲೀಸ್ ಕಾರ್ಯಕ್ರಮವನ್ನು ನಮ್ಮ ಸರ್ಕಾರ ರೂಪಿಸಿದೆ. ಎಲ್ಲಾ ಪೊಲೀಸ್ ಠಾಣೆಗಳ ವ್ಯಾಪ್ತಿಯಲ್ಲಿಯು ಮನೆ-ಮನೆಗೆ ಜನಸ್ನೇಹಿ ಪೊಲೀಸ್ ಕಾರ್ಯಕ್ರಮದಿಂದ ಸಾರ್ವಜನಿಕರಲ್ಲಿ ನೆಮ್ಮದಿಯ ಬದುಕಿಗೆ ಮತ್ತು ಶಾಂತಿ, ಕಾನೂನು ಸುವ್ಯವಸ್ಥೆ ಕಾಪಾಡಲು ಸಹಕಾರಿಯಾಗಲಿದೆ. ಮಹಾನಗರ ಪಾಲಿಕೆಯಿಂದ ಪ್ಲಾಸ್ಟಿಕ್ ಮುಕ್ತ ನಗರವನ್ನಾಗಿ ಮಾಡಲು ಏಕಬಳಕೆ ಪ್ಲಾಸ್ಟಿಕ್ ನಿಷೇಧಿಸಲು ಕ್ರಮವಹಿಸಲಾಗಿದೆ. ಎಲ್ಲಾ ಶಾಲಾ, ಕಾಲೇಜುಗಳಲ್ಲಿ ಪ್ಲಾಸ್ಟಿಕ್ ವಸ್ತುಗಳ ಸಂಗ್ರಹಣೆಗಾಗಿ ಆಂದೋಲನ ಹಮ್ಮಿಕೊಂಡಿದೆ.

ನಗರದಲ್ಲಿ 2.40 ಲಕ್ಷ ಟನ್ ಪಾರಂಪರಿಕ ತ್ಯಾಜ್ಯ ಸಂಗ್ರಹವಾಗಿದ್ದು ಈ ವರ್ಷಾಂತ್ಯದಲ್ಲಿ ತ್ಯಾಜ್ಯಮುಕ್ತವನ್ನಾಗಿಸಲು ಕ್ರಮವಹಿಸಲಾಗಿದೆ. ದಾವಣಗೆರೆ ನಗರ ವ್ಯಾಪ್ತಿಯ ಎಲ್ಲಾ ರಾಜಕಾಲುವೆಗಳನ್ನು ಮತ್ತು ಮಳೆ ನೀರು ಚರಂಡಿಗಳನ್ನು ನಿರಂತರವಾಗಿ ನಿರ್ವಹಣೆ ಮಾಡಿದ್ದರಿಂದ ಹೆಚ್ಚಿನ ಮಳೆಯಾದರೂ ಪ್ರವಾಹದಂತಹ ಸ್ಥಿತಿ ಇಲ್ಲವಾಗಿದೆ. ಮಹಾತ್ಮ ಗಾಂಧಿ ನಗರ ವಿಕಾಸ ಯೋಜನೆ-2 ರಡಿ ಪಿ.ಬಿ.ರಸ್ತೆಯಿಂದ ಬಸಾಪುರ ರಸ್ತೆವರೆಗೆ ರಾಜಕಾಲುವೆ ಎಡ್ಜ್ ರಸ್ತೆ ಹಾಗೂ ಕುಂದುವಾಡ ಕೆರೆಯವರೆಗೆ ರೂ.129 ಕೋಟಿ ಮೊತ್ತದಲ್ಲಿ ನಿರ್ಮಿಸಲು ಟೆಂಡರ್ ಕರೆಯಲಾಗಿದೆ. ಜಲಸಿರಿ ಯೋಜನೆಯಡಿ 24x7 ನೀರು ಪೂರೈಕೆಯನ್ನು ಈಗಾಗಲೇ 32 ವಲಯಗಳಲ್ಲಿ ಮಾಡಲಾಗುತ್ತಿದೆ. ತಿಂಗಳಾಂತ್ಯಕ್ಕೆ ಉಳಿದ 18 ವಲಯಗಳಲ್ಲಿ ನಿರಂತರ ಕುಡಿಯುವ ನೀರು ಪೂರೈಕೆ ಮಾಡಲಾಗುತ್ತದೆ. ರಾಜ್ಯ ಮಟ್ಟದ ಸ್ವಚ್ಛ ಸರ್ವೇಕ್ಷಣ 2024 ರ ಸಮೀಕ್ಷೆಯಲ್ಲಿ ದಾವಣಗೆರೆ ಮಹಾನಗರ ಪಾಲಿಕೆಗೆ ಸ್ವಚ್ಚತೆ ಮತ್ತು ಘನತ್ಯಾಜ್ಯ ನಿರ್ವಹಣೆಗಾಗಿ ರಾಷ್ಟ್ರಮಟ್ಟದಲ್ಲಿ ಕೇಂದ್ರ ನಗರಾಭಿವೃದ್ದಿ ಸಚಿವಾಲಯದ ಪ್ರಶಸ್ತಿ ಸಿಕ್ಕಿದೆ.

ಇದು ರಾಜ್ಯದಲ್ಲಿ ದಾವಣಗೆರೆ ಮೊದಲ ನಗರ, ರಾಷ್ಟ್ರಮಟ್ಟದಲ್ಲಿ 32 ನೇ ಅತ್ಯುತ್ತಮ ನಗರದ ಪ್ರಶಸ್ತಿ ಸಂದಿದೆ. ಸಂಕಲ್ಪ ಸ್ಪರ್ಧಾತ್ಮಕ ಪರೀಕ್ಷಾ ಕೇಂದ್ರವನ್ನು ಬಡಮಕ್ಕಳಿಗೆ ಉಚಿತವಾಗಿ ಜಿಲ್ಲೆಯಲ್ಲಿ ಪ್ರಾರಂಭಿಸಲಾಗಿದೆ, ಸುಮಾರು 300 ವಿದ್ಯಾರ್ಥಿಗಳಿಗೆ ಅನುಕೂಲವಾಗಿದೆ. ಮುಂದಿನ ದಿನಗಳಲ್ಲಿ ದಾವಣಗೆರೆಯಲ್ಲಿ ಸಾಫ್ಟ್ ವೇರ್ ಮತ್ತು ಬಿ.ಪಿ.ಓ. ಗಳನ್ನು ಜಿಲ್ಲೆಗೆ ಆಕರ್ಷಿಸಿ, ಗ್ರಾಮೀಣ ಬಡ ನಿರುದ್ಯೋಗಿ ಮಹಿಳೆಯರಿಗೆ ಉದ್ಯೋಗ ಕಲ್ಪಿಸುವ ಗುರಿ ಹೊಂದಲಾಗಿದೆ.

ಇದಕ್ಕಾಗಿ ದಾವಣಗೆರೆ ವಿಷನ್ ಗ್ರೂಪ್ ರಚಿಸಿ ನಿರಂತರವಾಗಿ ಕಾರ್ಯನಿರ್ವಹಿಸಲಾಗುತ್ತಿದೆ. ದಾವಣಗೆರೆ ಜಿಲ್ಲೆ ಸೇರಿದಂತೆ ಸ್ಮಾರ್ಟ್ ಸಿಟಿ ದಾವಣಗೆರೆ ನಗರದಲ್ಲಿ ಎಲ್ಲಾ ಜನರು ಜೀವನ ಮಾಡುವಂತಹ ಹವಾಮಾನ ಹೊಂದಿದೆ. ದಾವಣಗೆರೆ ದೇಶ ವಿದೇಶ ಮತ್ತು ರಾಜ್ಯದಲ್ಲಿ ಒಳ್ಳೆಯ ಹೆಸರನ್ನು ಪಡೆದಿದೆ. ಈ ಹೆಸರನ್ನು ನಾವು, ನೀವೆಲ್ಲರೂ ಉಳಿಸಿ ಬೆಳೆಸೋಣ, ಹಾಗೂ ಸಂವಿಧಾನದ ಮೌಲ್ಯಗಳನ್ನು ಎತ್ತಿಹಿಡಿಯೋಣ ಎಲ್ಲರಿಗೂ ಮತ್ತೊಮ್ಮೆ ಸ್ವಾತಂತ್ರ್ಯೋತ್ಸವದ ಶುಭಾಶಯಗಳನ್ನು ತಿಳಿಸುತ್ತಾ, ಎಲ್ಲರೂ ಒಳಿತಾಗಲಿ ಎಂದು ಹಾರೈಸುತ್ತೇನೆ.

Printed by : M. NAGARAJA, Published and Owned by : H. BABU, Printed at : MANJU MUDRANA ,Kunduvada Kere Road, Near Kadappa Bavi, Davangere -577006, Davangere Dist, Karnataka Published at : At No .89, Marenahalli – 577528, Jagalur Town, Davangere Dist, Karnataka. Editor : H. BABU.
